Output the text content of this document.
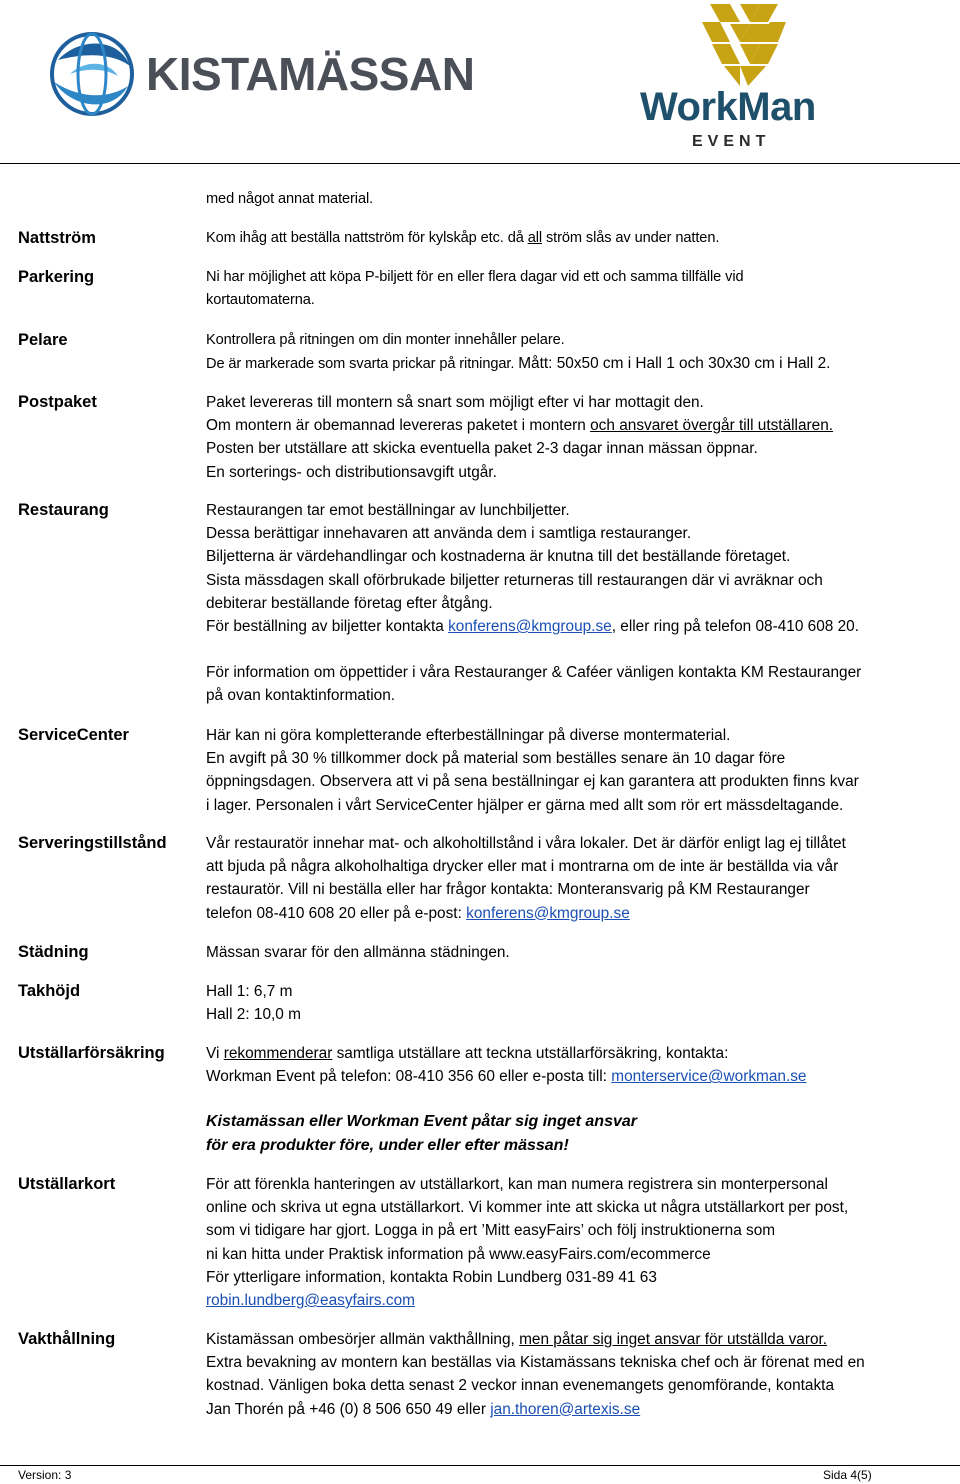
KISTAMÄSSAN
WorkMan
EVENT
med något annat material.
Nattström	Kom ihåg att beställa nattström för kylskåp etc. då all ström slås av under natten.
Parkering	Ni har möjlighet att köpa P-biljett för en eller flera dagar vid ett och samma tillfälle vid
kortautomaterna.
Pelare	Kontrollera på ritningen om din monter innehåller pelare.
De är markerade som svarta prickar på ritningar. Mått: 50x50 cm i Hall 1 och 30x30 cm i Hall 2.
Postpaket	Paket levereras till montern så snart som möjligt efter vi har mottagit den.
Om montern är obemannad levereras paketet i montern och ansvaret övergår till utställaren.
Posten ber utställare att skicka eventuella paket 2-3 dagar innan mässan öppnar.
En sorterings- och distributionsavgift utgår.
Restaurang	Restaurangen tar emot beställningar av lunchbiljetter.
Dessa berättigar innehavaren att använda dem i samtliga restauranger.
Biljetterna är värdehandlingar och kostnaderna är knutna till det beställande företaget.
Sista mässdagen skall oförbrukade biljetter returneras till restaurangen där vi avräknar och
debiterar beställande företag efter åtgång.
För beställning av biljetter kontakta konferens@kmgroup.se, eller ring på telefon 08-410 608 20.
För information om öppettider i våra Restauranger & Caféer vänligen kontakta KM Restauranger
på ovan kontaktinformation.
ServiceCenter	Här kan ni göra kompletterande efterbeställningar på diverse montermaterial.
En avgift på 30 % tillkommer dock på material som beställes senare än 10 dagar före
öppningsdagen. Observera att vi på sena beställningar ej kan garantera att produkten finns kvar
i lager. Personalen i vårt ServiceCenter hjälper er gärna med allt som rör ert mässdeltagande.
Serveringstillstånd	Vår restauratör innehar mat- och alkoholtillstånd i våra lokaler. Det är därför enligt lag ej tillåtet
att bjuda på några alkoholhaltiga drycker eller mat i montrarna om de inte är beställda via vår
restauratör. Vill ni beställa eller har frågor kontakta: Monteransvarig på KM Restauranger
telefon 08-410 608 20 eller på e-post: konferens@kmgroup.se
Städning	Mässan svarar för den allmänna städningen.
Takhöjd	Hall 1: 6,7 m
Hall 2: 10,0 m
Utställarförsäkring	Vi rekommenderar samtliga utställare att teckna utställarförsäkring, kontakta:
Workman Event på telefon: 08-410 356 60 eller e-posta till: monterservice@workman.se
Kistamässan eller Workman Event påtar sig inget ansvar
för era produkter före, under eller efter mässan!
Utställarkort	För att förenkla hanteringen av utställarkort, kan man numera registrera sin monterpersonal
online och skriva ut egna utställarkort. Vi kommer inte att skicka ut några utställarkort per post,
som vi tidigare har gjort. Logga in på ert ’Mitt easyFairs’ och följ instruktionerna som
ni kan hitta under Praktisk information på www.easyFairs.com/ecommerce
För ytterligare information, kontakta Robin Lundberg 031-89 41 63
robin.lundberg@easyfairs.com
Vakthållning	Kistamässan ombesörjer allmän vakthållning, men påtar sig inget ansvar för utställda varor.
Extra bevakning av montern kan beställas via Kistamässans tekniska chef och är förenat med en
kostnad. Vänligen boka detta senast 2 veckor innan evenemangets genomförande, kontakta
Jan Thorén på +46 (0) 8 506 650 49 eller jan.thoren@artexis.se
Version: 3	Sida 4(5)
